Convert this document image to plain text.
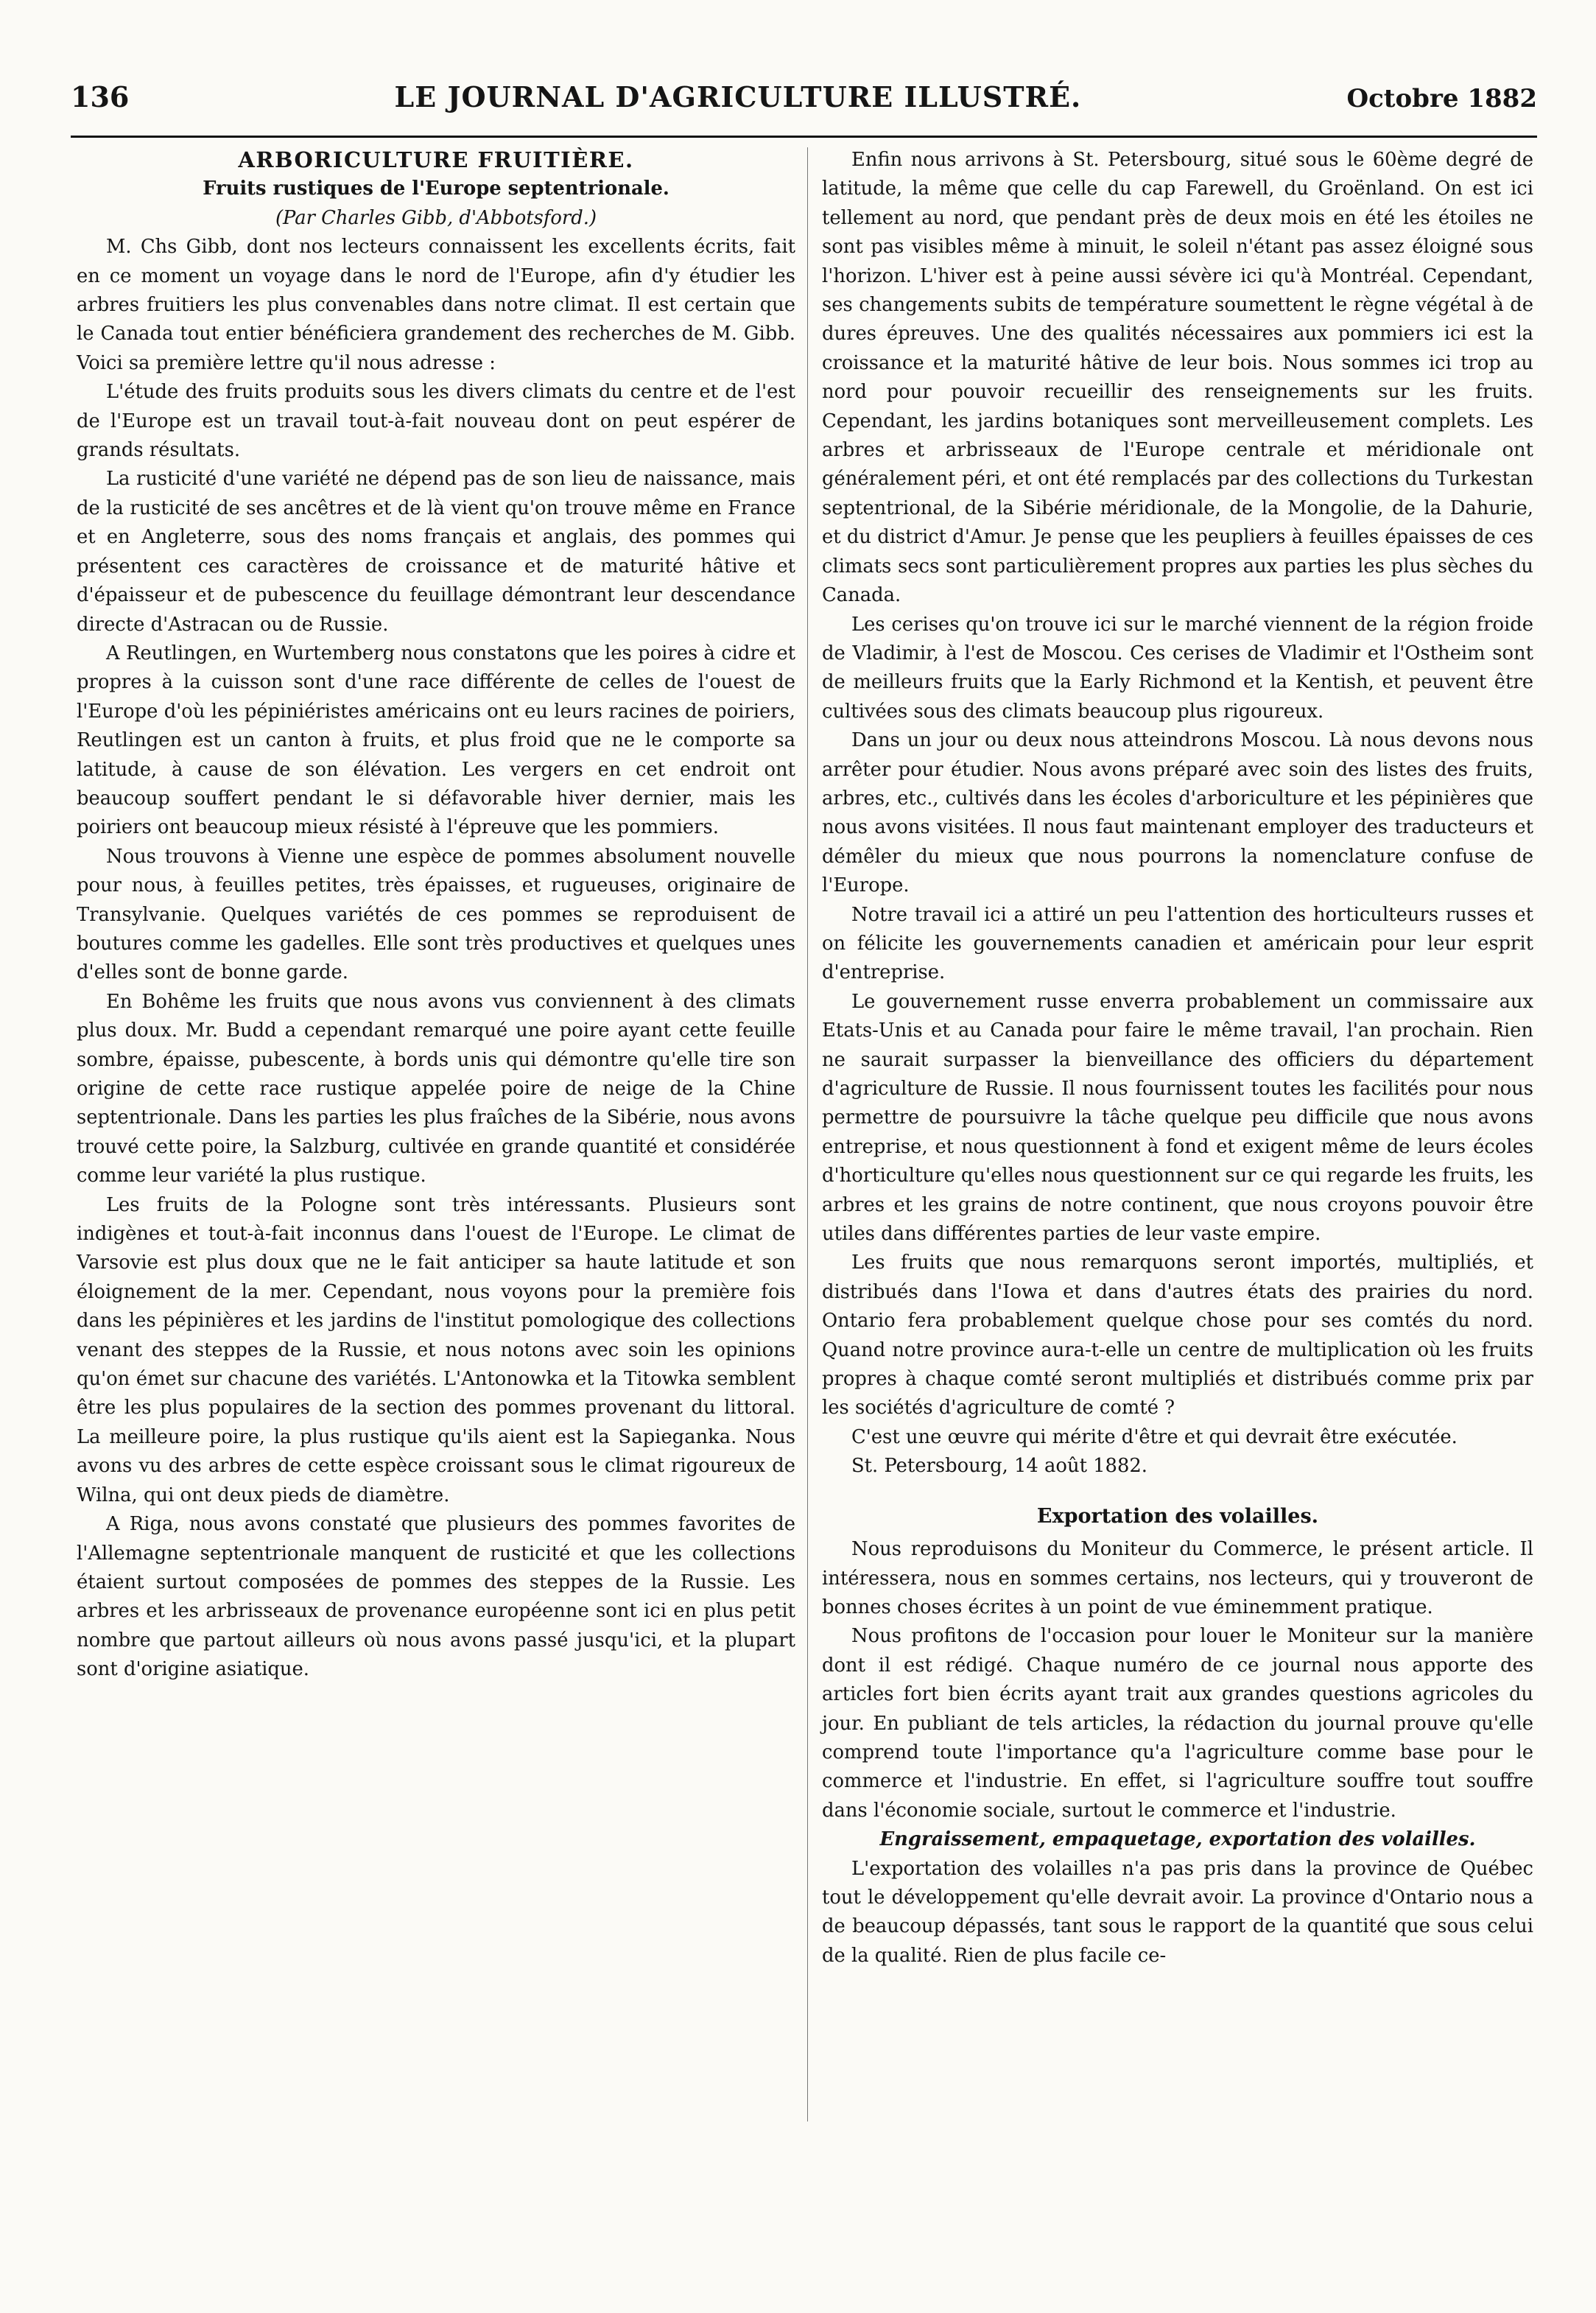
136	LE JOURNAL D'AGRICULTURE ILLUSTRÉ.	Octobre 1882

ARBORICULTURE FRUITIÈRE.

Fruits rustiques de l'Europe septentrionale.

(Par Charles Gibb, d'Abbotsford.)

M. Chs Gibb, dont nos lecteurs connaissent les excellents écrits, fait en ce moment un voyage dans le nord de l'Europe, afin d'y étudier les arbres fruitiers les plus convenables dans notre climat. Il est certain que le Canada tout entier bénéficiera grandement des recherches de M. Gibb. Voici sa première lettre qu'il nous adresse :

L'étude des fruits produits sous les divers climats du centre et de l'est de l'Europe est un travail tout-à-fait nouveau dont on peut espérer de grands résultats.

La rusticité d'une variété ne dépend pas de son lieu de naissance, mais de la rusticité de ses ancêtres et de là vient qu'on trouve même en France et en Angleterre, sous des noms français et anglais, des pommes qui présentent ces caractères de croissance et de maturité hâtive et d'épaisseur et de pubescence du feuillage démontrant leur descendance directe d'Astracan ou de Russie.

A Reutlingen, en Wurtemberg nous constatons que les poires à cidre et propres à la cuisson sont d'une race différente de celles de l'ouest de l'Europe d'où les pépiniéristes américains ont eu leurs racines de poiriers, Reutlingen est un canton à fruits, et plus froid que ne le comporte sa latitude, à cause de son élévation. Les vergers en cet endroit ont beaucoup souffert pendant le si défavorable hiver dernier, mais les poiriers ont beaucoup mieux résisté à l'épreuve que les pommiers.

Nous trouvons à Vienne une espèce de pommes absolument nouvelle pour nous, à feuilles petites, très épaisses, et rugueuses, originaire de Transylvanie. Quelques variétés de ces pommes se reproduisent de boutures comme les gadelles. Elle sont très productives et quelques unes d'elles sont de bonne garde.

En Bohême les fruits que nous avons vus conviennent à des climats plus doux. Mr. Budd a cependant remarqué une poire ayant cette feuille sombre, épaisse, pubescente, à bords unis qui démontre qu'elle tire son origine de cette race rustique appelée poire de neige de la Chine septentrionale. Dans les parties les plus fraîches de la Sibérie, nous avons trouvé cette poire, la Salzburg, cultivée en grande quantité et considérée comme leur variété la plus rustique.

Les fruits de la Pologne sont très intéressants. Plusieurs sont indigènes et tout-à-fait inconnus dans l'ouest de l'Europe. Le climat de Varsovie est plus doux que ne le fait anticiper sa haute latitude et son éloignement de la mer. Cependant, nous voyons pour la première fois dans les pépinières et les jardins de l'institut pomologique des collections venant des steppes de la Russie, et nous notons avec soin les opinions qu'on émet sur chacune des variétés. L'Antonowka et la Titowka semblent être les plus populaires de la section des pommes provenant du littoral. La meilleure poire, la plus rustique qu'ils aient est la Sapieganka. Nous avons vu des arbres de cette espèce croissant sous le climat rigoureux de Wilna, qui ont deux pieds de diamètre.

A Riga, nous avons constaté que plusieurs des pommes favorites de l'Allemagne septentrionale manquent de rusticité et que les collections étaient surtout composées de pommes des steppes de la Russie. Les arbres et les arbrisseaux de provenance européenne sont ici en plus petit nombre que partout ailleurs où nous avons passé jusqu'ici, et la plupart sont d'origine asiatique.

Enfin nous arrivons à St. Petersbourg, situé sous le 60ème degré de latitude, la même que celle du cap Farewell, du Groënland. On est ici tellement au nord, que pendant près de deux mois en été les étoiles ne sont pas visibles même à minuit, le soleil n'étant pas assez éloigné sous l'horizon. L'hiver est à peine aussi sévère ici qu'à Montréal. Cependant, ses changements subits de température soumettent le règne végétal à de dures épreuves. Une des qualités nécessaires aux pommiers ici est la croissance et la maturité hâtive de leur bois. Nous sommes ici trop au nord pour pouvoir recueillir des renseignements sur les fruits. Cependant, les jardins botaniques sont merveilleusement complets. Les arbres et arbrisseaux de l'Europe centrale et méridionale ont généralement péri, et ont été remplacés par des collections du Turkestan septentrional, de la Sibérie méridionale, de la Mongolie, de la Dahurie, et du district d'Amur. Je pense que les peupliers à feuilles épaisses de ces climats secs sont particulièrement propres aux parties les plus sèches du Canada.

Les cerises qu'on trouve ici sur le marché viennent de la région froide de Vladimir, à l'est de Moscou. Ces cerises de Vladimir et l'Ostheim sont de meilleurs fruits que la Early Richmond et la Kentish, et peuvent être cultivées sous des climats beaucoup plus rigoureux.

Dans un jour ou deux nous atteindrons Moscou. Là nous devons nous arrêter pour étudier. Nous avons préparé avec soin des listes des fruits, arbres, etc., cultivés dans les écoles d'arboriculture et les pépinières que nous avons visitées. Il nous faut maintenant employer des traducteurs et démêler du mieux que nous pourrons la nomenclature confuse de l'Europe.

Notre travail ici a attiré un peu l'attention des horticulteurs russes et on félicite les gouvernements canadien et américain pour leur esprit d'entreprise.

Le gouvernement russe enverra probablement un commissaire aux Etats-Unis et au Canada pour faire le même travail, l'an prochain. Rien ne saurait surpasser la bienveillance des officiers du département d'agriculture de Russie. Il nous fournissent toutes les facilités pour nous permettre de poursuivre la tâche quelque peu difficile que nous avons entreprise, et nous questionnent à fond et exigent même de leurs écoles d'horticulture qu'elles nous questionnent sur ce qui regarde les fruits, les arbres et les grains de notre continent, que nous croyons pouvoir être utiles dans différentes parties de leur vaste empire.

Les fruits que nous remarquons seront importés, multipliés, et distribués dans l'Iowa et dans d'autres états des prairies du nord. Ontario fera probablement quelque chose pour ses comtés du nord. Quand notre province aura-t-elle un centre de multiplication où les fruits propres à chaque comté seront multipliés et distribués comme prix par les sociétés d'agriculture de comté ?

C'est une œuvre qui mérite d'être et qui devrait être exécutée.

St. Petersbourg, 14 août 1882.

Exportation des volailles.

Nous reproduisons du Moniteur du Commerce, le présent article. Il intéressera, nous en sommes certains, nos lecteurs, qui y trouveront de bonnes choses écrites à un point de vue éminemment pratique.

Nous profitons de l'occasion pour louer le Moniteur sur la manière dont il est rédigé. Chaque numéro de ce journal nous apporte des articles fort bien écrits ayant trait aux grandes questions agricoles du jour. En publiant de tels articles, la rédaction du journal prouve qu'elle comprend toute l'importance qu'a l'agriculture comme base pour le commerce et l'industrie. En effet, si l'agriculture souffre tout souffre dans l'économie sociale, surtout le commerce et l'industrie.

Engraissement, empaquetage, exportation des volailles.

L'exportation des volailles n'a pas pris dans la province de Québec tout le développement qu'elle devrait avoir. La province d'Ontario nous a de beaucoup dépassés, tant sous le rapport de la quantité que sous celui de la qualité. Rien de plus facile ce-
